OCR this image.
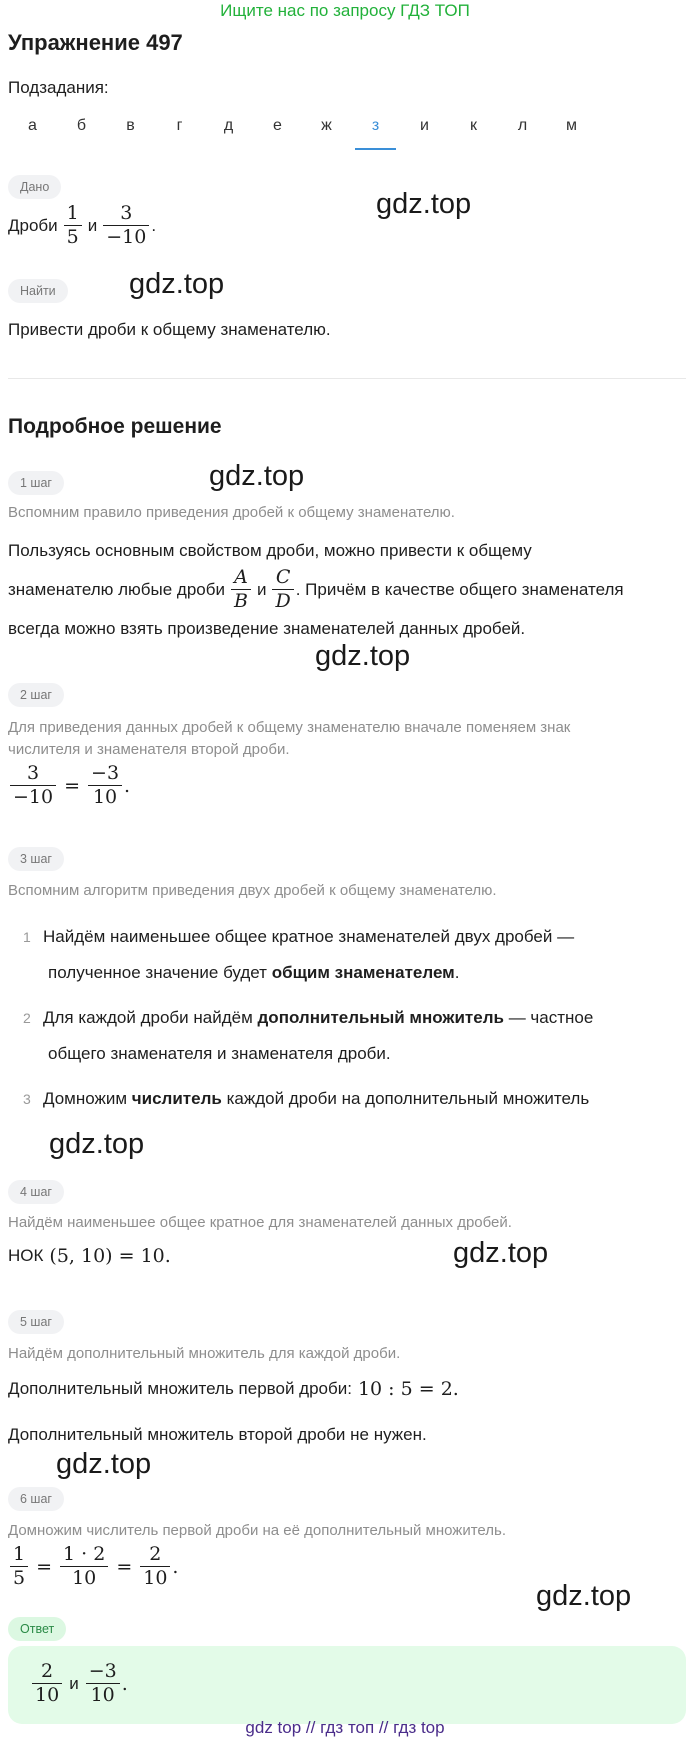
Ищите нас по запросу ГДЗ ТОП
Упражнение 497
Подзадания:
а	б	в	г	д	е	ж	з	и	к	л	м
Дано
Дроби $\frac{1}{5}$ и $\frac{3}{-10}$ .
gdz.top
Найти	gdz.top
Привести дроби к общему знаменателю.
Подробное решение
1 шаг	gdz.top
Вспомним правило приведения дробей к общему знаменателю.
Пользуясь основным свойством дроби, можно привести к общему
знаменателю любые дроби $\frac{A}{B}$ и $\frac{C}{D}$ . Причём в качестве общего знаменателя
всегда можно взять произведение знаменателей данных дробей.
gdz.top
2 шаг
Для приведения данных дробей к общему знаменателю вначале поменяем знак
числителя и знаменателя второй дроби.
$\frac{3}{-10} = \frac{-3}{10}$ .
3 шаг
Вспомним алгоритм приведения двух дробей к общему знаменателю.
1 Найдём наименьшее общее кратное знаменателей двух дробей —
полученное значение будет общим знаменателем.
2 Для каждой дроби найдём дополнительный множитель — частное
общего знаменателя и знаменателя дроби.
3 Домножим числитель каждой дроби на дополнительный множитель
gdz.top
4 шаг
Найдём наименьшее общее кратное для знаменателей данных дробей.
НОК (5, 10) = 10.	gdz.top
5 шаг
Найдём дополнительный множитель для каждой дроби.
Дополнительный множитель первой дроби: 10 : 5 = 2.
Дополнительный множитель второй дроби не нужен.
gdz.top
6 шаг
Домножим числитель первой дроби на её дополнительный множитель.
$\frac{1}{5} = \frac{1 \cdot 2}{10} = \frac{2}{10}$ .
gdz.top
Ответ
$\frac{2}{10}$ и $\frac{-3}{10}$ .
gdz top // гдз топ // гдз top
